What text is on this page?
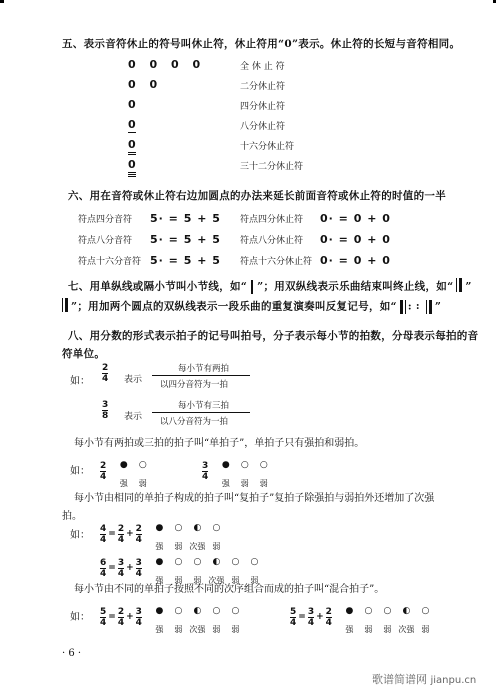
五、表示音符休止的符号叫休止符，休止符用“0”表示。休止符的长短与音符相同。
0 0 0 0	全 休 止 符
0 0	二分休止符
0	四分休止符
0	八分休止符
0	十六分休止符
0	三十二分休止符
六、用在音符或休止符右边加圆点的办法来延长前面音符或休止符的时值的一半
符点四分音符 5· = 5 + 5 符点四分休止符 0· = 0 + 0
符点八分音符 5· = 5 + 5 符点八分休止符 0· = 0 + 0
符点十六分音符 5· = 5 + 5 符点十六分休止符 0· = 0 + 0
七、用单纵线或隔小节叫小节线，如“ ”；用双纵线表示乐曲结束叫终止线，如“ ”
”；用加两个圆点的双纵线表示一段乐曲的重复演奏叫反复记号，如“ : : ”
八、用分数的形式表示拍子的记号叫拍号，分子表示每小节的拍数，分母表示每拍的音
符单位。
如： $\frac{2}{4}$ 表示
每小节有两拍
以四分音符为一拍
$\frac{3}{8}$ 表示
每小节有三拍
以八分音符为一拍
每小节有两拍或三拍的拍子叫“单拍子”，单拍子只有强拍和弱拍。
如： $\frac{2}{4}$	● ○
强 弱
$\frac{3}{4}$	● ○ ○
强 弱 弱
每小节由相同的单拍子构成的拍子叫“复拍子”复拍子除强拍与弱拍外还增加了次强
拍。
如： $\frac{4}{4} = \frac{2}{4} + \frac{2}{4}$	● ○ ◐ ○
强 弱 次强 弱
$\frac{6}{4} = \frac{3}{4} + \frac{3}{4}$	● ○ ○ ◐ ○ ○
强 弱 弱 次强 弱 弱
每小节由不同的单拍子按照不同的次序组合而成的拍子叫“混合拍子”。
如： $\frac{5}{4} = \frac{2}{4} + \frac{3}{4}$	● ○ ◐ ○ ○
强 弱 次强 弱 弱
$\frac{5}{4} = \frac{3}{4} + \frac{2}{4}$	● ○ ○ ◐ ○
强 弱 弱 次强 弱
· 6 ·
歌谱简谱网 jianpu.cn
